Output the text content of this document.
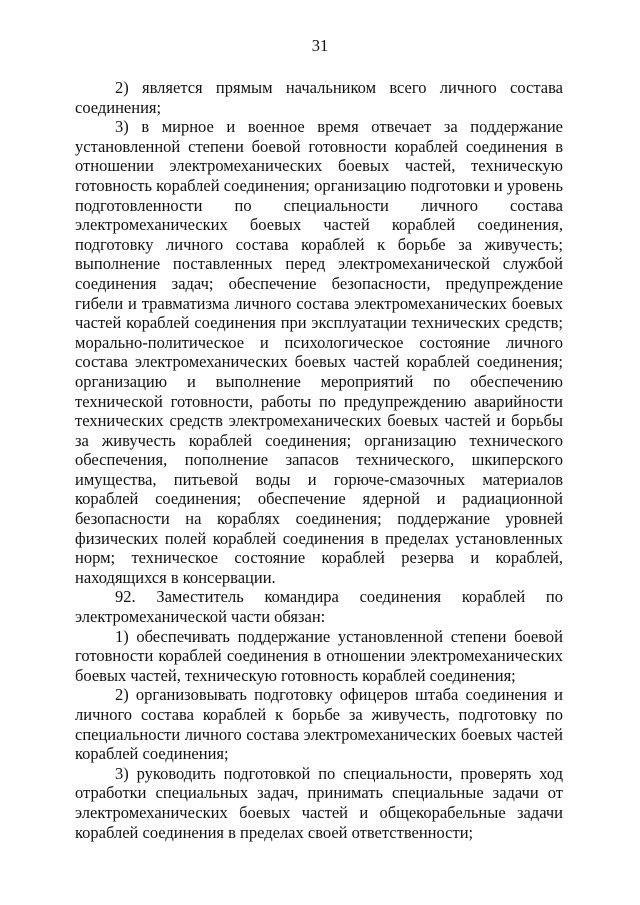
31

2) является прямым начальником всего личного состава соединения;

3) в мирное и военное время отвечает за поддержание установленной степени боевой готовности кораблей соединения в отношении электромеханических боевых частей, техническую готовность кораблей соединения; организацию подготовки и уровень подготовленности по специальности личного состава электромеханических боевых частей кораблей соединения, подготовку личного состава кораблей к борьбе за живучесть; выполнение поставленных перед электромеханической службой соединения задач; обеспечение безопасности, предупреждение гибели и травматизма личного состава электромеханических боевых частей кораблей соединения при эксплуатации технических средств; морально-политическое и психологическое состояние личного состава электромеханических боевых частей кораблей соединения; организацию и выполнение мероприятий по обеспечению технической готовности, работы по предупреждению аварийности технических средств электромеханических боевых частей и борьбы за живучесть кораблей соединения; организацию технического обеспечения, пополнение запасов технического, шкиперского имущества, питьевой воды и горюче-смазочных материалов кораблей соединения; обеспечение ядерной и радиационной безопасности на кораблях соединения; поддержание уровней физических полей кораблей соединения в пределах установленных норм; техническое состояние кораблей резерва и кораблей, находящихся в консервации.

92. Заместитель командира соединения кораблей по электромеханической части обязан:

1) обеспечивать поддержание установленной степени боевой готовности кораблей соединения в отношении электромеханических боевых частей, техническую готовность кораблей соединения;

2) организовывать подготовку офицеров штаба соединения и личного состава кораблей к борьбе за живучесть, подготовку по специальности личного состава электромеханических боевых частей кораблей соединения;

3) руководить подготовкой по специальности, проверять ход отработки специальных задач, принимать специальные задачи от электромеханических боевых частей и общекорабельные задачи кораблей соединения в пределах своей ответственности;
